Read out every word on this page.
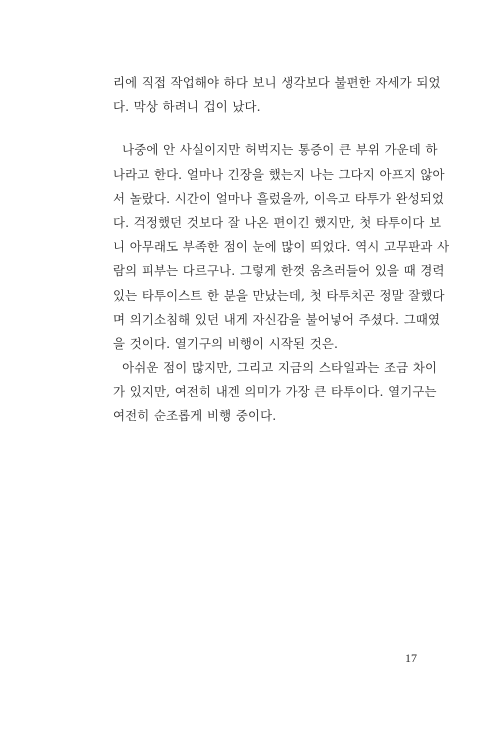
리에 직접 작업해야 하다 보니 생각보다 불편한 자세가 되었
다. 막상 하려니 겁이 났다.
나중에 안 사실이지만 허벅지는 통증이 큰 부위 가운데 하
나라고 한다. 얼마나 긴장을 했는지 나는 그다지 아프지 않아
서 놀랐다. 시간이 얼마나 흘렀을까, 이윽고 타투가 완성되었
다. 걱정했던 것보다 잘 나온 편이긴 했지만, 첫 타투이다 보
니 아무래도 부족한 점이 눈에 많이 띄었다. 역시 고무판과 사
람의 피부는 다르구나. 그렇게 한껏 움츠러들어 있을 때 경력
있는 타투이스트 한 분을 만났는데, 첫 타투치곤 정말 잘했다
며 의기소침해 있던 내게 자신감을 불어넣어 주셨다. 그때였
을 것이다. 열기구의 비행이 시작된 것은.
아쉬운 점이 많지만, 그리고 지금의 스타일과는 조금 차이
가 있지만, 여전히 내겐 의미가 가장 큰 타투이다. 열기구는
여전히 순조롭게 비행 중이다.
17
